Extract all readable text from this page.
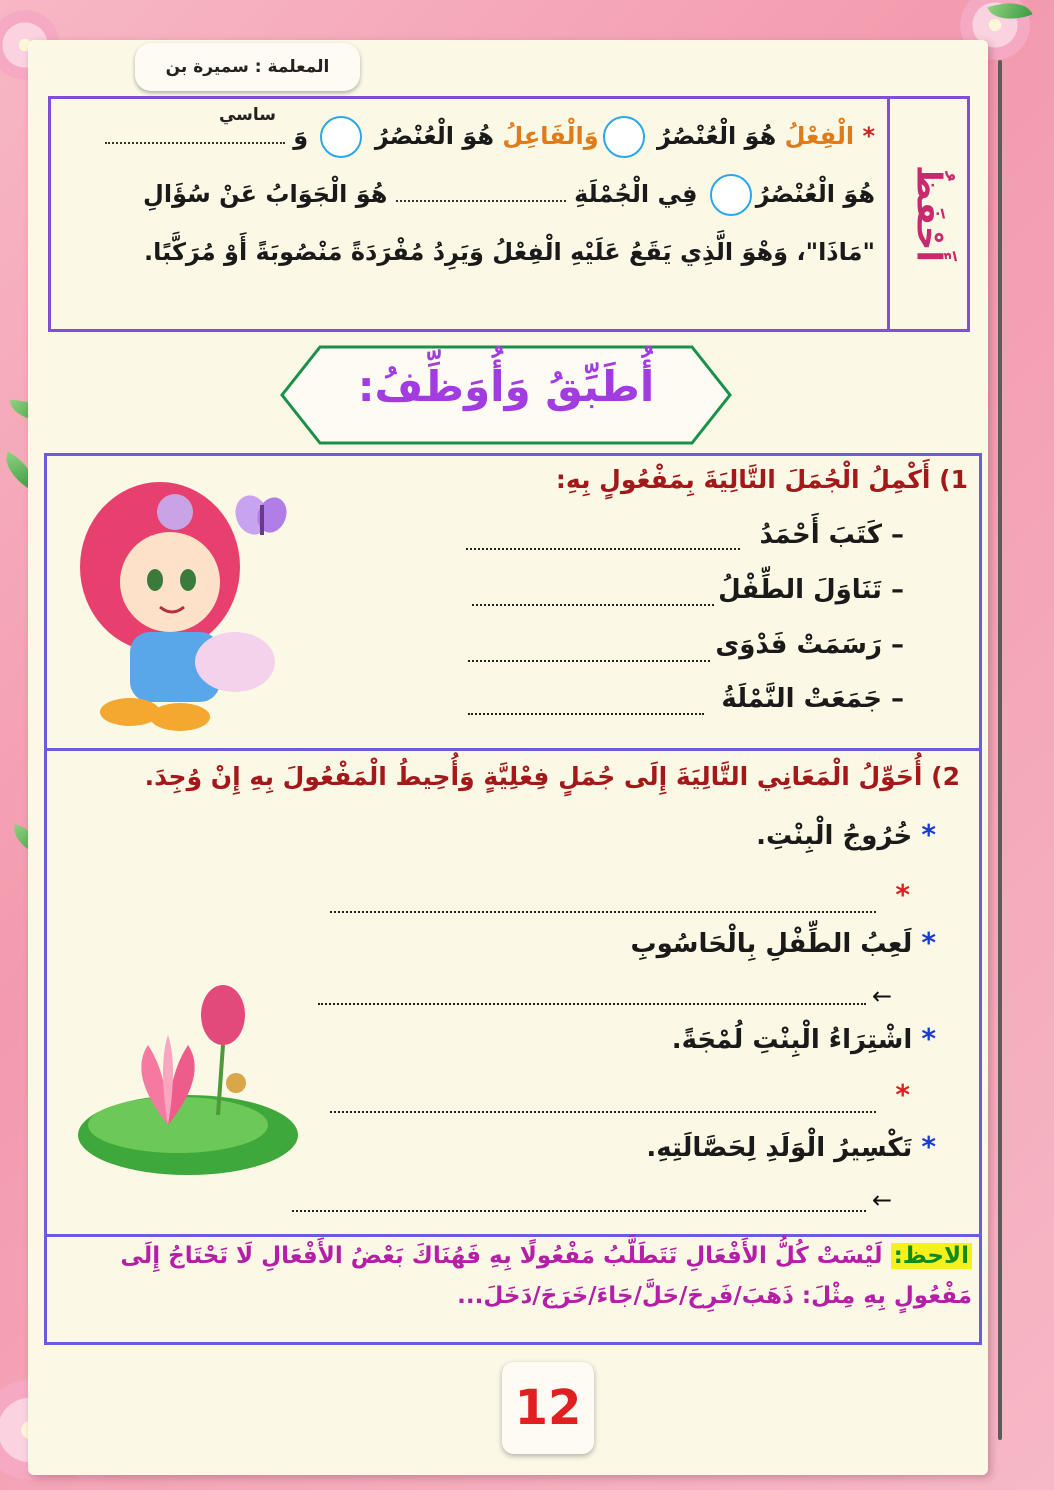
المعلمة : سميرة بن ساسي
أَحْفَظُ
* الْفِعْلُ هُوَ الْعُنْصُرُ وَالْفَاعِلُ هُوَ الْعُنْصُرُ  وَ
هُوَ الْعُنْصُرُ فِي الْجُمْلَةِ  هُوَ الْجَوَابُ عَنْ سُؤَالِ
"مَاذَا"، وَهْوَ الَّذِي يَقَعُ عَلَيْهِ الْفِعْلُ وَيَرِدُ مُفْرَدَةً مَنْصُوبَةً أَوْ مُرَكَّبًا.
أُطَبِّقُ وَأُوَظِّفُ:
1) أَكْمِلُ الْجُمَلَ التَّالِيَةَ بِمَفْعُولٍ بِهِ:
– كَتَبَ أَحْمَدُ
– تَنَاوَلَ الطِّفْلُ
– رَسَمَتْ فَدْوَى
– جَمَعَتْ النَّمْلَةُ
2) أُحَوِّلُ الْمَعَانِي التَّالِيَةَ إِلَى جُمَلٍ فِعْلِيَّةٍ وَأُحِيطُ الْمَفْعُولَ بِهِ إِنْ وُجِدَ.
* خُرُوجُ الْبِنْتِ.
*
* لَعِبُ الطِّفْلِ بِالْحَاسُوبِ
←
* اشْتِرَاءُ الْبِنْتِ لُمْجَةً.
*
* تَكْسِيرُ الْوَلَدِ لِحَصَّالَتِهِ.
←
الاحظ: لَيْسَتْ كُلُّ الأَفْعَالِ تَتَطَلَّبُ مَفْعُولًا بِهِ فَهُنَاكَ بَعْضُ الأَفْعَالِ لَا تَحْتَاجُ إِلَى مَفْعُولٍ بِهِ مِثْلَ: ذَهَبَ/فَرِحَ/حَلَّ/جَاءَ/خَرَجَ/دَخَلَ...
12
